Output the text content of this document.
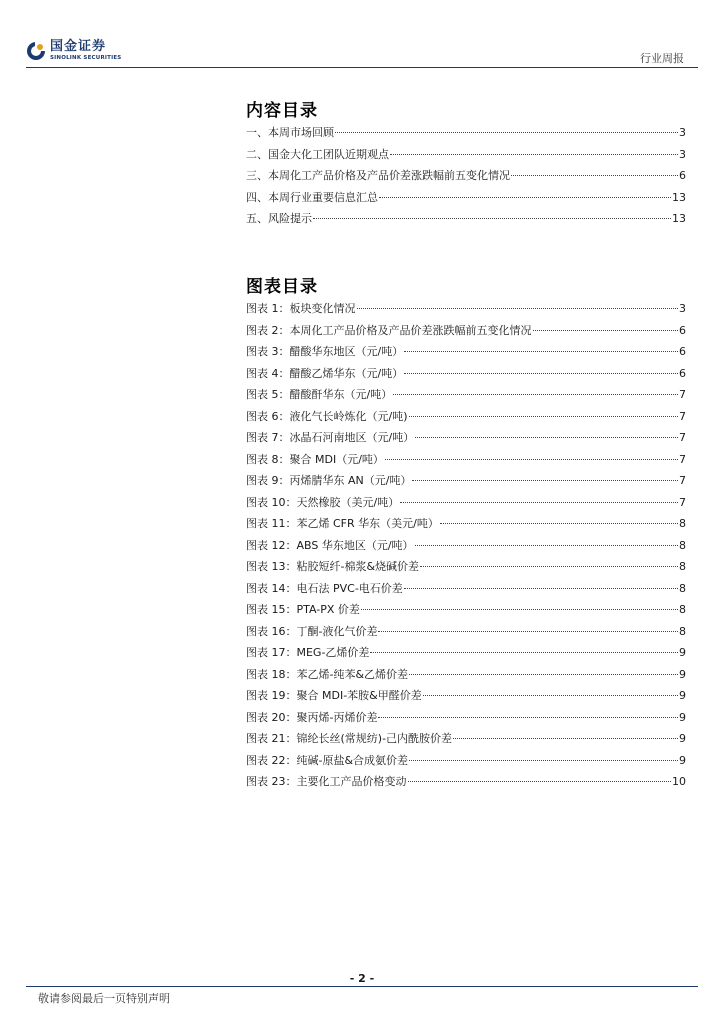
国金证券
SINOLINK SECURITIES	行业周报
内容目录
一、本周市场回顾	3
二、国金大化工团队近期观点	3
三、本周化工产品价格及产品价差涨跌幅前五变化情况	6
四、本周行业重要信息汇总	13
五、风险提示	13
图表目录
图表 1：板块变化情况	3
图表 2：本周化工产品价格及产品价差涨跌幅前五变化情况	6
图表 3：醋酸华东地区（元/吨）	6
图表 4：醋酸乙烯华东（元/吨）	6
图表 5：醋酸酐华东（元/吨）	7
图表 6：液化气长岭炼化（元/吨)	7
图表 7：冰晶石河南地区（元/吨）	7
图表 8：聚合 MDI（元/吨）	7
图表 9：丙烯腈华东 AN（元/吨）	7
图表 10：天然橡胶（美元/吨）	7
图表 11：苯乙烯 CFR 华东（美元/吨）	8
图表 12：ABS 华东地区（元/吨）	8
图表 13：粘胶短纤-棉浆&烧碱价差	8
图表 14：电石法 PVC-电石价差	8
图表 15：PTA-PX 价差	8
图表 16：丁酮-液化气价差	8
图表 17：MEG-乙烯价差	9
图表 18：苯乙烯-纯苯&乙烯价差	9
图表 19：聚合 MDI-苯胺&甲醛价差	9
图表 20：聚丙烯-丙烯价差	9
图表 21：锦纶长丝(常规纺)-己内酰胺价差	9
图表 22：纯碱-原盐&合成氨价差	9
图表 23：主要化工产品价格变动	10
- 2 -
敬请参阅最后一页特别声明
